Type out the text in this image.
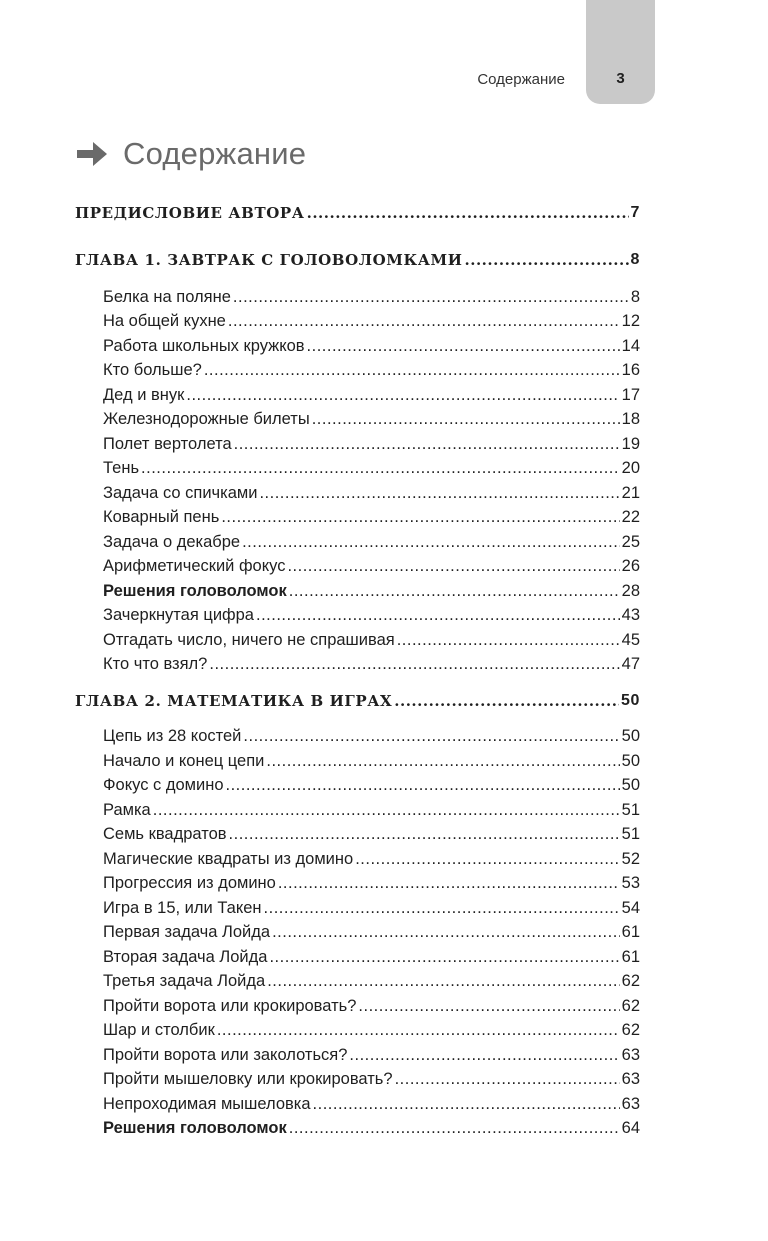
3
Содержание
Содержание
ПРЕДИСЛОВИЕ АВТОРА .....	7
ГЛАВА 1. ЗАВТРАК С ГОЛОВОЛОМКАМИ .....	8
Белка на поляне .....	8
На общей кухне .....	12
Работа школьных кружков .....	14
Кто больше? .....	16
Дед и внук .....	17
Железнодорожные билеты .....	18
Полет вертолета .....	19
Тень .....	20
Задача со спичками .....	21
Коварный пень .....	22
Задача о декабре .....	25
Арифметический фокус .....	26
Решения головоломок .....	28
Зачеркнутая цифра .....	43
Отгадать число, ничего не спрашивая .....	45
Кто что взял? .....	47
ГЛАВА 2. МАТЕМАТИКА В ИГРАХ .....	50
Цепь из 28 костей .....	50
Начало и конец цепи .....	50
Фокус с домино .....	50
Рамка .....	51
Семь квадратов .....	51
Магические квадраты из домино .....	52
Прогрессия из домино .....	53
Игра в 15, или Такен .....	54
Первая задача Лойда .....	61
Вторая задача Лойда .....	61
Третья задача Лойда .....	62
Пройти ворота или крокировать? .....	62
Шар и столбик .....	62
Пройти ворота или заколоться? .....	63
Пройти мышеловку или крокировать? .....	63
Непроходимая мышеловка .....	63
Решения головоломок .....	64
